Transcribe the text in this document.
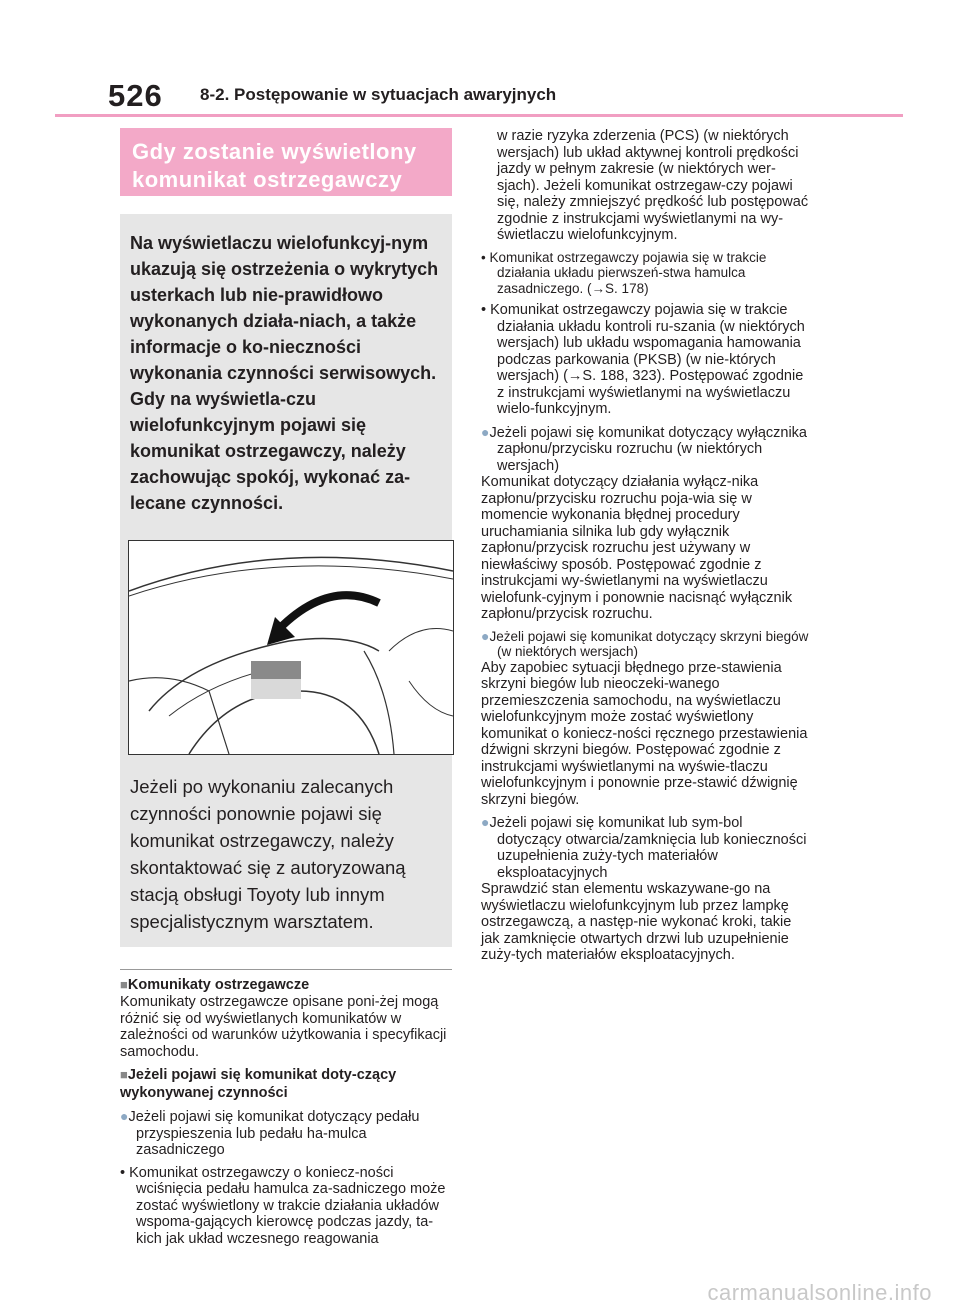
526 8-2. Postępowanie w sytuacjach awaryjnych
Gdy zostanie wyświetlony
komunikat ostrzegawczy

Na wyświetlaczu wielofunkcyj-nym ukazują się ostrzeżenia o wykrytych usterkach lub nie-prawidłowo wykonanych działa-niach, a także informacje o ko-nieczności wykonania czynności serwisowych. Gdy na wyświetla-czu wielofunkcyjnym pojawi się komunikat ostrzegawczy, należy zachowując spokój, wykonać za-lecane czynności.

Jeżeli po wykonaniu zalecanych czynności ponownie pojawi się komunikat ostrzegawczy, należy skontaktować się z autoryzowaną stacją obsługi Toyoty lub innym specjalistycznym warsztatem.

■Komunikaty ostrzegawcze

Komunikaty ostrzegawcze opisane poni-żej mogą różnić się od wyświetlanych komunikatów w zależności od warunków użytkowania i specyfikacji samochodu.

■Jeżeli pojawi się komunikat doty-czący wykonywanej czynności

●Jeżeli pojawi się komunikat dotyczący pedału przyspieszenia lub pedału ha-mulca zasadniczego

• Komunikat ostrzegawczy o koniecz-ności wciśnięcia pedału hamulca za-sadniczego może zostać wyświetlony w trakcie działania układów wspoma-gających kierowcę podczas jazdy, ta-kich jak układ wczesnego reagowania

w razie ryzyka zderzenia (PCS) (w niektórych wersjach) lub układ aktywnej kontroli prędkości jazdy w pełnym zakresie (w niektórych wer-sjach). Jeżeli komunikat ostrzegaw-czy pojawi się, należy zmniejszyć prędkość lub postępować zgodnie z instrukcjami wyświetlanymi na wy-świetlaczu wielofunkcyjnym.

• Komunikat ostrzegawczy pojawia się w trakcie działania układu pierwszeń-stwa hamulca zasadniczego. (→S. 178)

• Komunikat ostrzegawczy pojawia się w trakcie działania układu kontroli ru-szania (w niektórych wersjach) lub układu wspomagania hamowania podczas parkowania (PKSB) (w nie-których wersjach) (→S. 188, 323). Postępować zgodnie z instrukcjami wyświetlanymi na wyświetlaczu wielo-funkcyjnym.

●Jeżeli pojawi się komunikat dotyczący wyłącznika zapłonu/przycisku rozruchu (w niektórych wersjach)

Komunikat dotyczący działania wyłącz-nika zapłonu/przycisku rozruchu poja-wia się w momencie wykonania błędnej procedury uruchamiania silnika lub gdy wyłącznik zapłonu/przycisk rozruchu jest używany w niewłaściwy sposób. Postępować zgodnie z instrukcjami wy-świetlanymi na wyświetlaczu wielofunk-cyjnym i ponownie nacisnąć wyłącznik zapłonu/przycisk rozruchu.

●Jeżeli pojawi się komunikat dotyczący skrzyni biegów (w niektórych wersjach)

Aby zapobiec sytuacji błędnego prze-stawienia skrzyni biegów lub nieoczeki-wanego przemieszczenia samochodu, na wyświetlaczu wielofunkcyjnym może zostać wyświetlony komunikat o koniecz-ności ręcznego przestawienia dźwigni skrzyni biegów. Postępować zgodnie z instrukcjami wyświetlanymi na wyświe-tlaczu wielofunkcyjnym i ponownie prze-stawić dźwignię skrzyni biegów.

●Jeżeli pojawi się komunikat lub sym-bol dotyczący otwarcia/zamknięcia lub konieczności uzupełnienia zuży-tych materiałów eksploatacyjnych

Sprawdzić stan elementu wskazywane-go na wyświetlaczu wielofunkcyjnym lub przez lampkę ostrzegawczą, a następ-nie wykonać kroki, takie jak zamknięcie otwartych drzwi lub uzupełnienie zuży-tych materiałów eksploatacyjnych.

carmanualsonline.info
